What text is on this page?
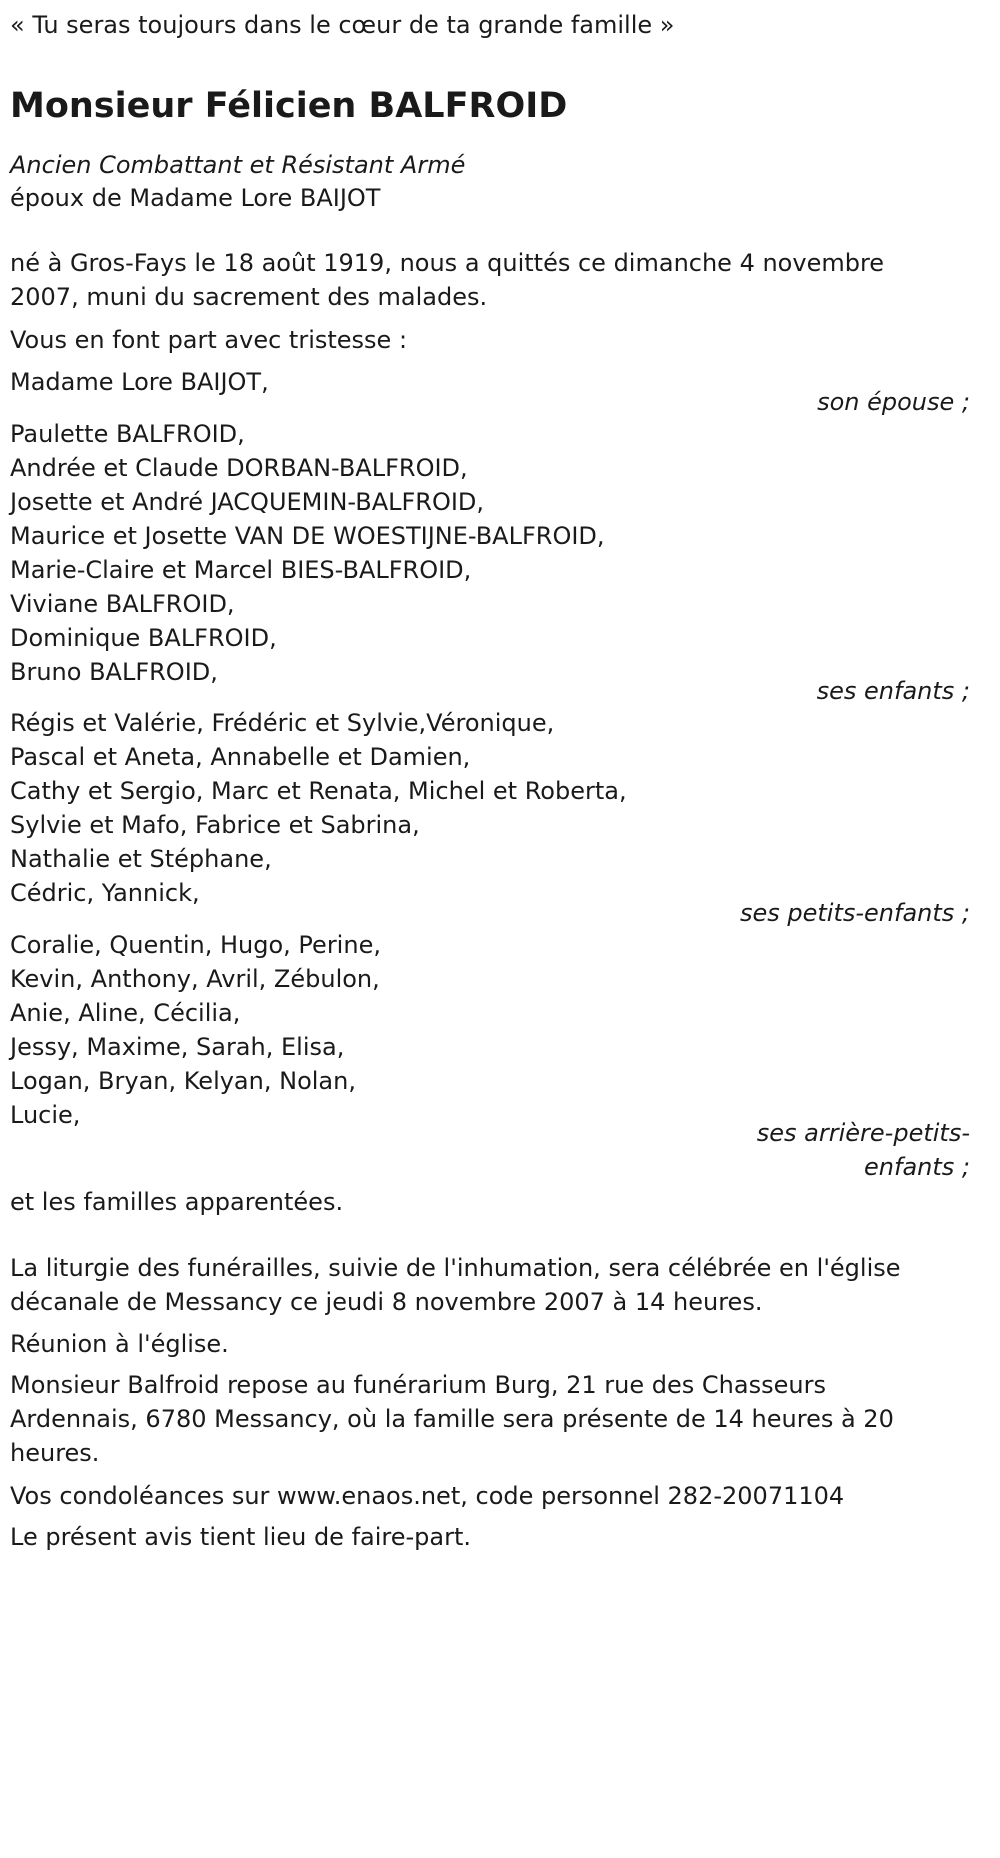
« Tu seras toujours dans le cœur de ta grande famille »
Monsieur Félicien BALFROID
Ancien Combattant et Résistant Armé
époux de Madame Lore BAIJOT
né à Gros-Fays le 18 août 1919, nous a quittés ce dimanche 4 novembre
2007, muni du sacrement des malades.
Vous en font part avec tristesse :
Madame Lore BAIJOT,
son épouse ;
Paulette BALFROID,
Andrée et Claude DORBAN-BALFROID,
Josette et André JACQUEMIN-BALFROID,
Maurice et Josette VAN DE WOESTIJNE-BALFROID,
Marie-Claire et Marcel BIES-BALFROID,
Viviane BALFROID,
Dominique BALFROID,
Bruno BALFROID,
ses enfants ;
Régis et Valérie, Frédéric et Sylvie,Véronique,
Pascal et Aneta, Annabelle et Damien,
Cathy et Sergio, Marc et Renata, Michel et Roberta,
Sylvie et Mafo, Fabrice et Sabrina,
Nathalie et Stéphane,
Cédric, Yannick,
ses petits-enfants ;
Coralie, Quentin, Hugo, Perine,
Kevin, Anthony, Avril, Zébulon,
Anie, Aline, Cécilia,
Jessy, Maxime, Sarah, Elisa,
Logan, Bryan, Kelyan, Nolan,
Lucie,
ses arrière-petits-
enfants ;
et les familles apparentées.
La liturgie des funérailles, suivie de l'inhumation, sera célébrée en l'église
décanale de Messancy ce jeudi 8 novembre 2007 à 14 heures.
Réunion à l'église.
Monsieur Balfroid repose au funérarium Burg, 21 rue des Chasseurs
Ardennais, 6780 Messancy, où la famille sera présente de 14 heures à 20
heures.
Vos condoléances sur www.enaos.net, code personnel 282-20071104
Le présent avis tient lieu de faire-part.
